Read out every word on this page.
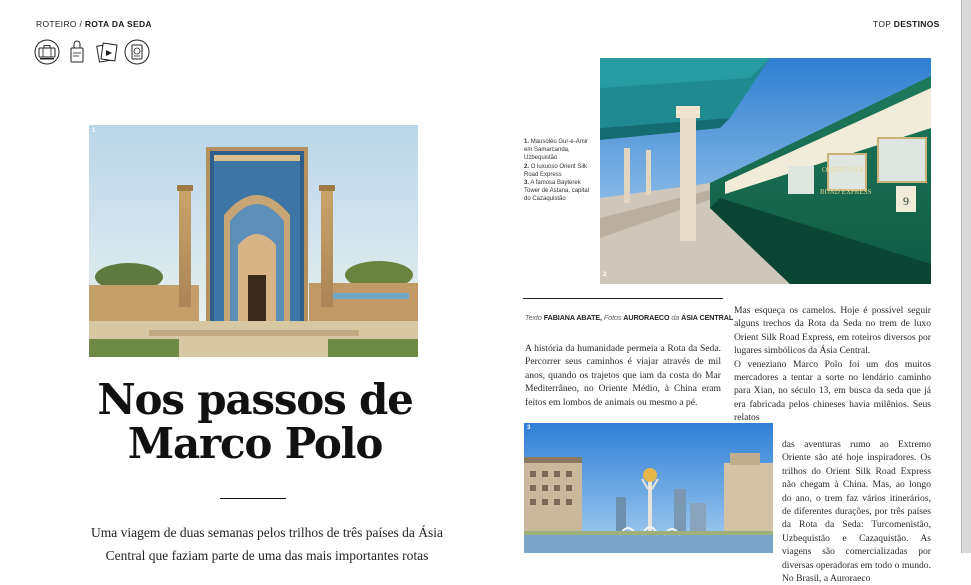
ROTEIRO / ROTA DA SEDA	TOP DESTINOS
1
1. Mausoléu Gur-e-Amir em Samarcanda, Uzbequistão
2. O luxuoso Orient Silk Road Express
3. A famosa Bayterek Tower de Astana, capital do Cazaquistão	9
ORIENT SILK
ROAD EXPRESS
2
Nos passos de
Marco Polo
Uma viagem de duas semanas pelos trilhos de três países da Ásia
Central que faziam parte de uma das mais importantes rotas
Texto FABIANA ABATE, Fotos AURORAECO da ÁSIA CENTRAL

A história da humanidade permeia a Rota da Seda. Percorrer seus caminhos é viajar através de mil anos, quando os trajetos que iam da costa do Mar Mediterrâneo, no Oriente Médio, à China eram feitos em lombos de animais ou mesmo a pé.

Mas esqueça os camelos. Hoje é possível seguir alguns trechos da Rota da Seda no trem de luxo Orient Silk Road Express, em roteiros diversos por lugares simbólicos da Ásia Central.

O veneziano Marco Polo foi um dos muitos mercadores a tentar a sorte no lendário caminho para Xian, no século 13, em busca da seda que já era fabricada pelos chineses havia milênios. Seus relatos

das aventuras rumo ao Extremo Oriente são até hoje inspiradores. Os trilhos do Orient Silk Road Express não chegam à China. Mas, ao longo do ano, o trem faz vários itinerários, de diferentes durações, por três países da Rota da Seda: Turcomenistão, Uzbequistão e Cazaquistão. As viagens são comercializadas por diversas operadoras em todo o mundo. No Brasil, a Auroraeco

3
